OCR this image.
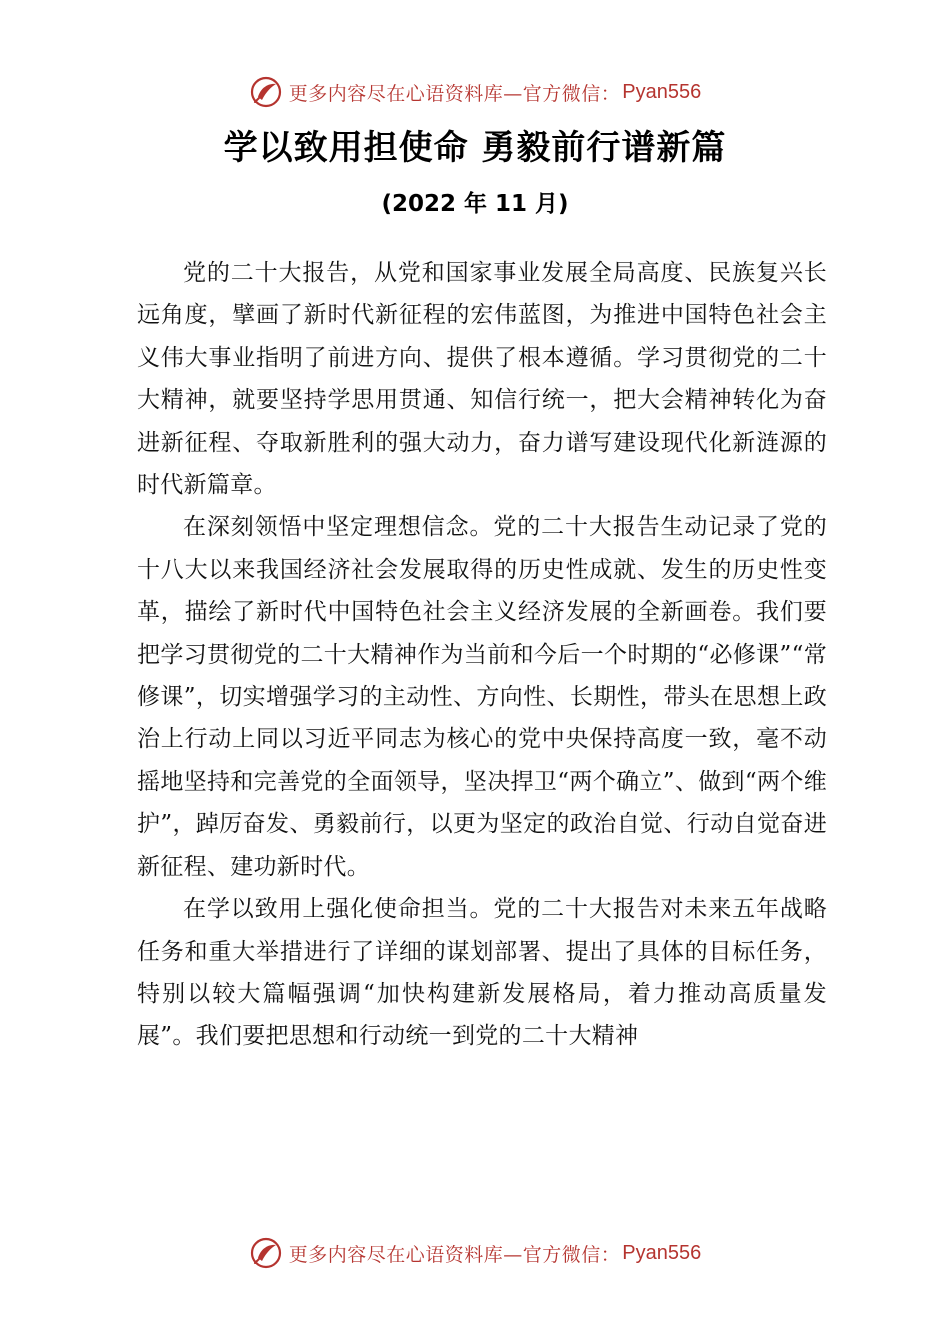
更多内容尽在心语资料库—官方微信： Pyan556
学以致用担使命 勇毅前行谱新篇
(2022 年 11 月)

党的二十大报告，从党和国家事业发展全局高度、民族复兴长远角度，擘画了新时代新征程的宏伟蓝图，为推进中国特色社会主义伟大事业指明了前进方向、提供了根本遵循。学习贯彻党的二十大精神，就要坚持学思用贯通、知信行统一，把大会精神转化为奋进新征程、夺取新胜利的强大动力，奋力谱写建设现代化新涟源的时代新篇章。

在深刻领悟中坚定理想信念。党的二十大报告生动记录了党的十八大以来我国经济社会发展取得的历史性成就、发生的历史性变革，描绘了新时代中国特色社会主义经济发展的全新画卷。我们要把学习贯彻党的二十大精神作为当前和今后一个时期的“必修课”“常修课”，切实增强学习的主动性、方向性、长期性，带头在思想上政治上行动上同以习近平同志为核心的党中央保持高度一致，毫不动摇地坚持和完善党的全面领导，坚决捍卫“两个确立”、做到“两个维护”，踔厉奋发、勇毅前行，以更为坚定的政治自觉、行动自觉奋进新征程、建功新时代。

在学以致用上强化使命担当。党的二十大报告对未来五年战略任务和重大举措进行了详细的谋划部署、提出了具体的目标任务，特别以较大篇幅强调“加快构建新发展格局，着力推动高质量发展”。我们要把思想和行动统一到党的二十大精神

更多内容尽在心语资料库—官方微信： Pyan556
